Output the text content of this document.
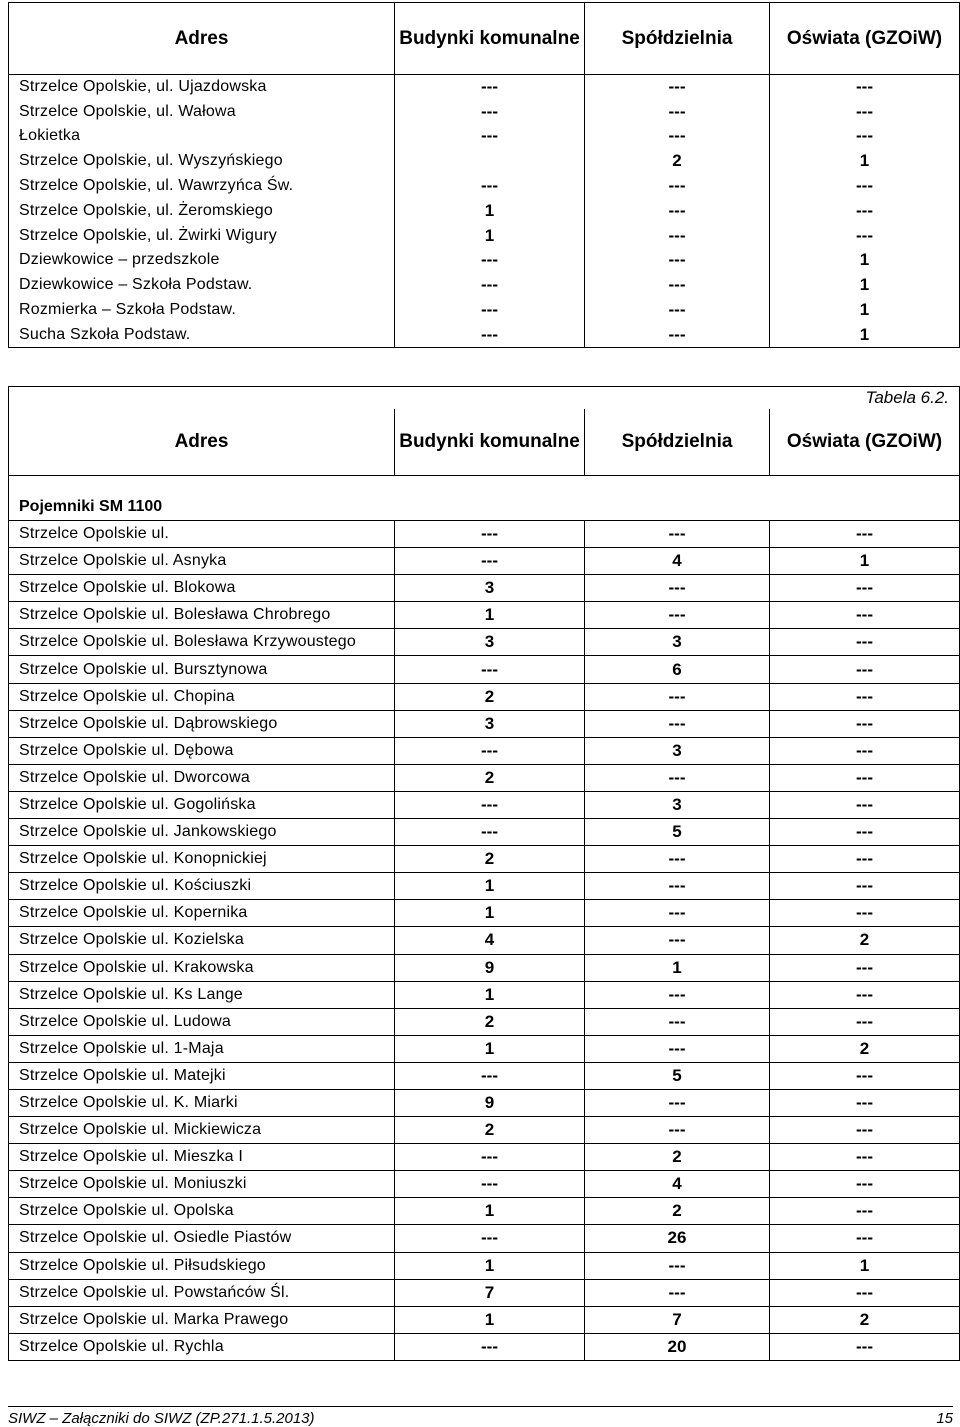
Adres	Budynki komunalne	Spółdzielnia	Oświata (GZOiW)
Strzelce Opolskie, ul. Ujazdowska	---	---	---
Strzelce Opolskie, ul. Wałowa	---	---	---
Łokietka	---	---	---
Strzelce Opolskie, ul. Wyszyńskiego		2	1
Strzelce Opolskie, ul. Wawrzyńca Św.	---	---	---
Strzelce Opolskie, ul. Żeromskiego	1	---	---
Strzelce Opolskie, ul. Żwirki Wigury	1	---	---
Dziewkowice – przedszkole	---	---	1
Dziewkowice – Szkoła Podstaw.	---	---	1
Rozmierka – Szkoła Podstaw.	---	---	1
Sucha Szkoła Podstaw.	---	---	1
Tabela 6.2.			
Adres	Budynki komunalne	Spółdzielnia	Oświata (GZOiW)
Pojemniki SM 1100			
Strzelce Opolskie ul.	---	---	---
Strzelce Opolskie ul. Asnyka	---	4	1
Strzelce Opolskie ul. Blokowa	3	---	---
Strzelce Opolskie ul. Bolesława Chrobrego	1	---	---
Strzelce Opolskie ul. Bolesława Krzywoustego	3	3	---
Strzelce Opolskie ul. Bursztynowa	---	6	---
Strzelce Opolskie ul. Chopina	2	---	---
Strzelce Opolskie ul. Dąbrowskiego	3	---	---
Strzelce Opolskie ul. Dębowa	---	3	---
Strzelce Opolskie ul. Dworcowa	2	---	---
Strzelce Opolskie ul. Gogolińska	---	3	---
Strzelce Opolskie ul. Jankowskiego	---	5	---
Strzelce Opolskie ul. Konopnickiej	2	---	---
Strzelce Opolskie ul. Kościuszki	1	---	---
Strzelce Opolskie ul. Kopernika	1	---	---
Strzelce Opolskie ul. Kozielska	4	---	2
Strzelce Opolskie ul. Krakowska	9	1	---
Strzelce Opolskie ul. Ks Lange	1	---	---
Strzelce Opolskie ul. Ludowa	2	---	---
Strzelce Opolskie ul. 1-Maja	1	---	2
Strzelce Opolskie ul. Matejki	---	5	---
Strzelce Opolskie ul. K. Miarki	9	---	---
Strzelce Opolskie ul. Mickiewicza	2	---	---
Strzelce Opolskie ul. Mieszka I	---	2	---
Strzelce Opolskie ul. Moniuszki	---	4	---
Strzelce Opolskie ul. Opolska	1	2	---
Strzelce Opolskie ul. Osiedle Piastów	---	26	---
Strzelce Opolskie ul. Piłsudskiego	1	---	1
Strzelce Opolskie ul. Powstańców Śl.	7	---	---
Strzelce Opolskie ul. Marka Prawego	1	7	2
Strzelce Opolskie ul. Rychla	---	20	---
SIWZ – Załączniki do SIWZ (ZP.271.1.5.2013)	15
